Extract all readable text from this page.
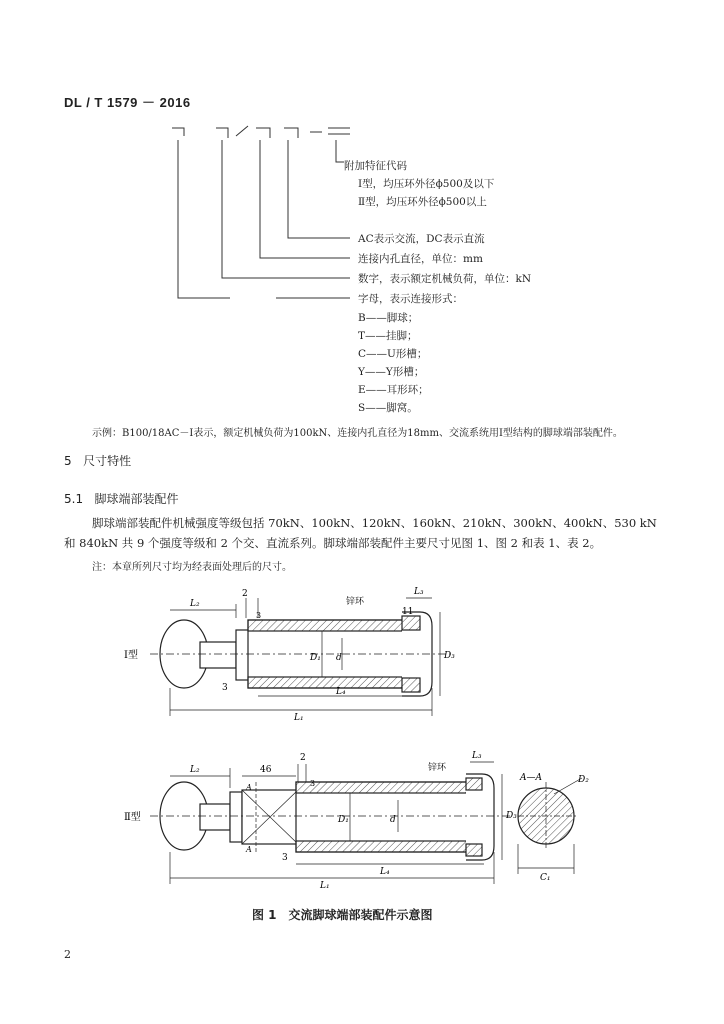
DL / T 1579 － 2016
附加特征代码
Ⅰ型，均压环外径ϕ500及以下
Ⅱ型，均压环外径ϕ500以上
AC表示交流，DC表示直流
连接内孔直径，单位：mm
数字，表示额定机械负荷，单位：kN
字母，表示连接形式：
B——脚球；
T——挂脚；
C——U形槽；
Y——Y形槽；
E——耳形环；
S——脚窝。
示例：B100/18AC－Ⅰ表示，额定机械负荷为100kN、连接内孔直径为18mm、交流系统用Ⅰ型结构的脚球端部装配件。
5 尺寸特性
5.1 脚球端部装配件
脚球端部装配件机械强度等级包括 70kN、100kN、120kN、160kN、210kN、300kN、400kN、530 kN
和 840kN 共 9 个强度等级和 2 个交、直流系列。脚球端部装配件主要尺寸见图 1、图 2 和表 1、表 2。
注：本章所列尺寸均为经表面处理后的尺寸。
Ⅰ型
L₂
2
3
锌环
L₃
11
D₁ d	D₃
3	L₄
L₁
Ⅱ型
L₂	46
2
3
A
A
锌环
L₃
D₁	d	D₃
3
L₄
L₁
A—A	D₂
C₁
图 1　交流脚球端部装配件示意图
2
